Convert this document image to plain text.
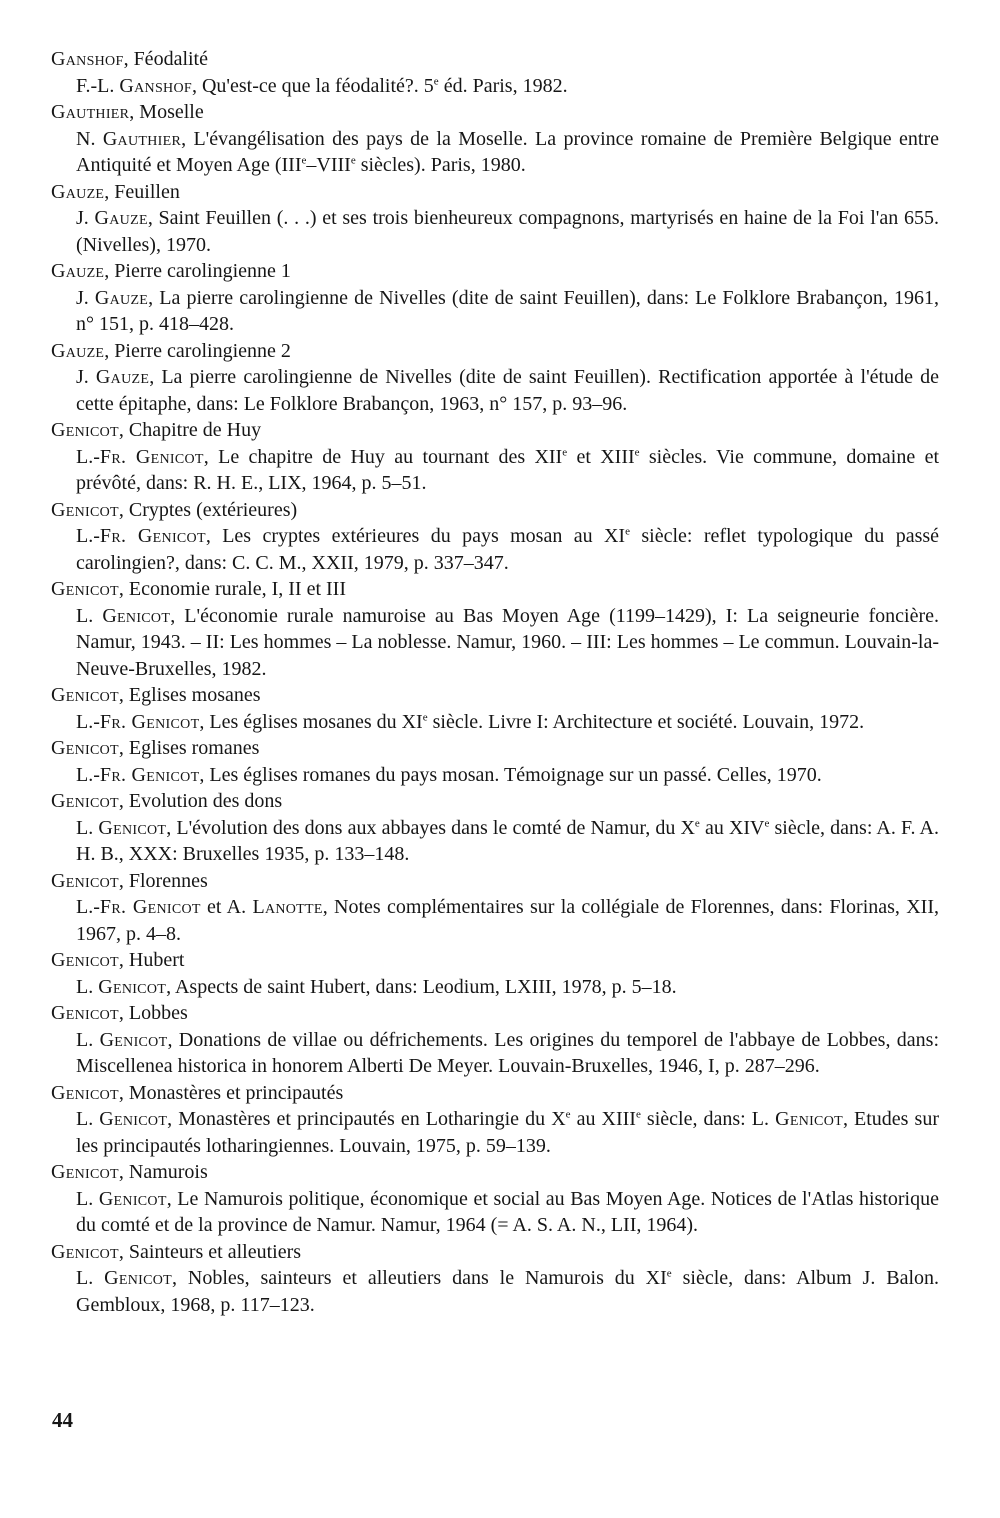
Ganshof, Féodalité
F.-L. Ganshof, Qu'est-ce que la féodalité?. 5e éd. Paris, 1982.
Gauthier, Moselle
N. Gauthier, L'évangélisation des pays de la Moselle. La province romaine de Première Belgique entre Antiquité et Moyen Age (IIIe–VIIIe siècles). Paris, 1980.
Gauze, Feuillen
J. Gauze, Saint Feuillen (. . .) et ses trois bienheureux compagnons, martyrisés en haine de la Foi l'an 655. (Nivelles), 1970.
Gauze, Pierre carolingienne 1
J. Gauze, La pierre carolingienne de Nivelles (dite de saint Feuillen), dans: Le Folklore Brabançon, 1961, n° 151, p. 418–428.
Gauze, Pierre carolingienne 2
J. Gauze, La pierre carolingienne de Nivelles (dite de saint Feuillen). Rectification apportée à l'étude de cette épitaphe, dans: Le Folklore Brabançon, 1963, n° 157, p. 93–96.
Genicot, Chapitre de Huy
L.-Fr. Genicot, Le chapitre de Huy au tournant des XIIe et XIIIe siècles. Vie commune, domaine et prévôté, dans: R. H. E., LIX, 1964, p. 5–51.
Genicot, Cryptes (extérieures)
L.-Fr. Genicot, Les cryptes extérieures du pays mosan au XIe siècle: reflet typologique du passé carolingien?, dans: C. C. M., XXII, 1979, p. 337–347.
Genicot, Economie rurale, I, II et III
L. Genicot, L'économie rurale namuroise au Bas Moyen Age (1199–1429), I: La seigneurie foncière. Namur, 1943. – II: Les hommes – La noblesse. Namur, 1960. – III: Les hommes – Le commun. Louvain-la-Neuve-Bruxelles, 1982.
Genicot, Eglises mosanes
L.-Fr. Genicot, Les églises mosanes du XIe siècle. Livre I: Architecture et société. Louvain, 1972.
Genicot, Eglises romanes
L.-Fr. Genicot, Les églises romanes du pays mosan. Témoignage sur un passé. Celles, 1970.
Genicot, Evolution des dons
L. Genicot, L'évolution des dons aux abbayes dans le comté de Namur, du Xe au XIVe siècle, dans: A. F. A. H. B., XXX: Bruxelles 1935, p. 133–148.
Genicot, Florennes
L.-Fr. Genicot et A. Lanotte, Notes complémentaires sur la collégiale de Florennes, dans: Florinas, XII, 1967, p. 4–8.
Genicot, Hubert
L. Genicot, Aspects de saint Hubert, dans: Leodium, LXIII, 1978, p. 5–18.
Genicot, Lobbes
L. Genicot, Donations de villae ou défrichements. Les origines du temporel de l'abbaye de Lobbes, dans: Miscellenea historica in honorem Alberti De Meyer. Louvain-Bruxelles, 1946, I, p. 287–296.
Genicot, Monastères et principautés
L. Genicot, Monastères et principautés en Lotharingie du Xe au XIIIe siècle, dans: L. Genicot, Etudes sur les principautés lotharingiennes. Louvain, 1975, p. 59–139.
Genicot, Namurois
L. Genicot, Le Namurois politique, économique et social au Bas Moyen Age. Notices de l'Atlas historique du comté et de la province de Namur. Namur, 1964 (= A. S. A. N., LII, 1964).
Genicot, Sainteurs et alleutiers
L. Genicot, Nobles, sainteurs et alleutiers dans le Namurois du XIe siècle, dans: Album J. Balon. Gembloux, 1968, p. 117–123.
44
